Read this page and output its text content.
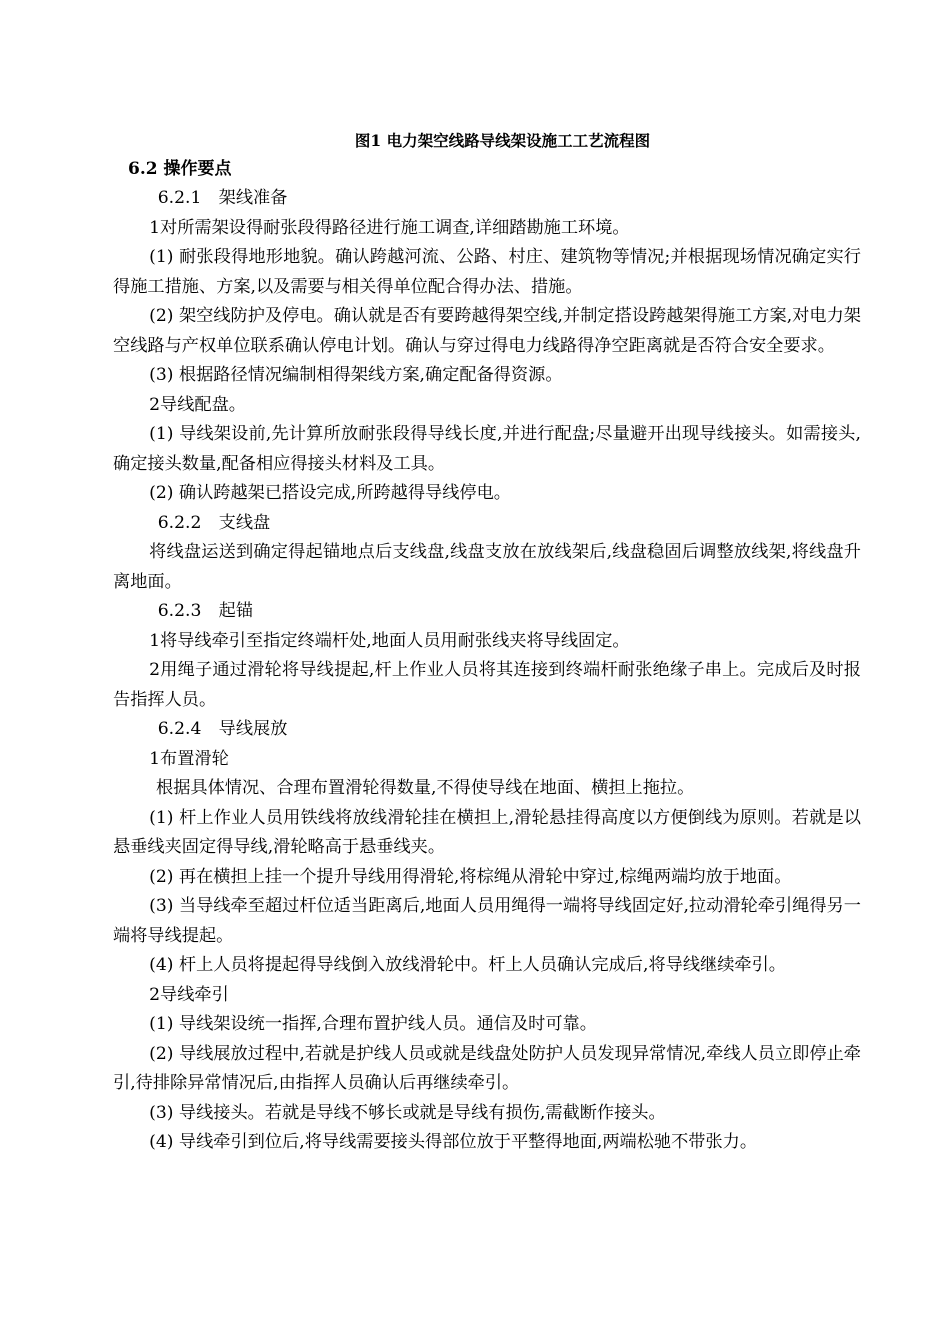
图1 电力架空线路导线架设施工工艺流程图
6.2 操作要点

6.2.1　架线准备

1对所需架设得耐张段得路径进行施工调查,详细踏勘施工环境。

(1) 耐张段得地形地貌。确认跨越河流、公路、村庄、建筑物等情况;并根据现场情况确定实行得施工措施、方案,以及需要与相关得单位配合得办法、措施。

(2) 架空线防护及停电。确认就是否有要跨越得架空线,并制定搭设跨越架得施工方案,对电力架空线路与产权单位联系确认停电计划。确认与穿过得电力线路得净空距离就是否符合安全要求。

(3) 根据路径情况编制相得架线方案,确定配备得资源。

2导线配盘。

(1) 导线架设前,先计算所放耐张段得导线长度,并进行配盘;尽量避开出现导线接头。如需接头,确定接头数量,配备相应得接头材料及工具。

(2) 确认跨越架已搭设完成,所跨越得导线停电。

6.2.2　支线盘

将线盘运送到确定得起锚地点后支线盘,线盘支放在放线架后,线盘稳固后调整放线架,将线盘升离地面。

6.2.3　起锚

1将导线牵引至指定终端杆处,地面人员用耐张线夹将导线固定。

2用绳子通过滑轮将导线提起,杆上作业人员将其连接到终端杆耐张绝缘子串上。完成后及时报告指挥人员。

6.2.4　导线展放

1布置滑轮

根据具体情况、合理布置滑轮得数量,不得使导线在地面、横担上拖拉。

(1) 杆上作业人员用铁线将放线滑轮挂在横担上,滑轮悬挂得高度以方便倒线为原则。若就是以悬垂线夹固定得导线,滑轮略高于悬垂线夹。

(2) 再在横担上挂一个提升导线用得滑轮,将棕绳从滑轮中穿过,棕绳两端均放于地面。

(3) 当导线牵至超过杆位适当距离后,地面人员用绳得一端将导线固定好,拉动滑轮牵引绳得另一端将导线提起。

(4) 杆上人员将提起得导线倒入放线滑轮中。杆上人员确认完成后,将导线继续牵引。

2导线牵引

(1) 导线架设统一指挥,合理布置护线人员。通信及时可靠。

(2) 导线展放过程中,若就是护线人员或就是线盘处防护人员发现异常情况,牵线人员立即停止牵引,待排除异常情况后,由指挥人员确认后再继续牵引。

(3) 导线接头。若就是导线不够长或就是导线有损伤,需截断作接头。

(4) 导线牵引到位后,将导线需要接头得部位放于平整得地面,两端松驰不带张力。
